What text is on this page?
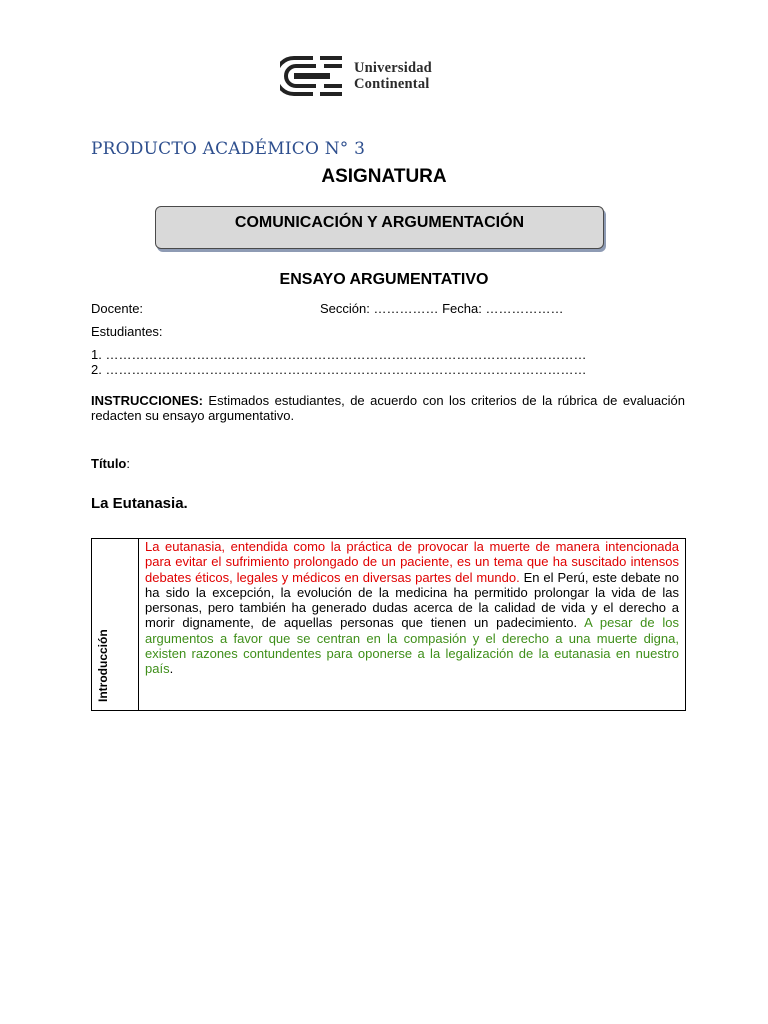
Universidad
Continental
PRODUCTO ACADÉMICO N° 3
ASIGNATURA
COMUNICACIÓN Y ARGUMENTACIÓN
ENSAYO ARGUMENTATIVO
Docente:	Sección: …………… Fecha: ………………
Estudiantes:
1. …………………………………………………………………………………………………
2. …………………………………………………………………………………………………
INSTRUCCIONES: Estimados estudiantes, de acuerdo con los criterios de la rúbrica de evaluación redacten su ensayo argumentativo.
Título:
La Eutanasia.
Introducción
La eutanasia, entendida como la práctica de provocar la muerte de manera intencionada para evitar el sufrimiento prolongado de un paciente, es un tema que ha suscitado intensos debates éticos, legales y médicos en diversas partes del mundo. En el Perú, este debate no ha sido la excepción, la evolución de la medicina ha permitido prolongar la vida de las personas, pero también ha generado dudas acerca de la calidad de vida y el derecho a morir dignamente, de aquellas personas que tienen un padecimiento. A pesar de los argumentos a favor que se centran en la compasión y el derecho a una muerte digna, existen razones contundentes para oponerse a la legalización de la eutanasia en nuestro país.
